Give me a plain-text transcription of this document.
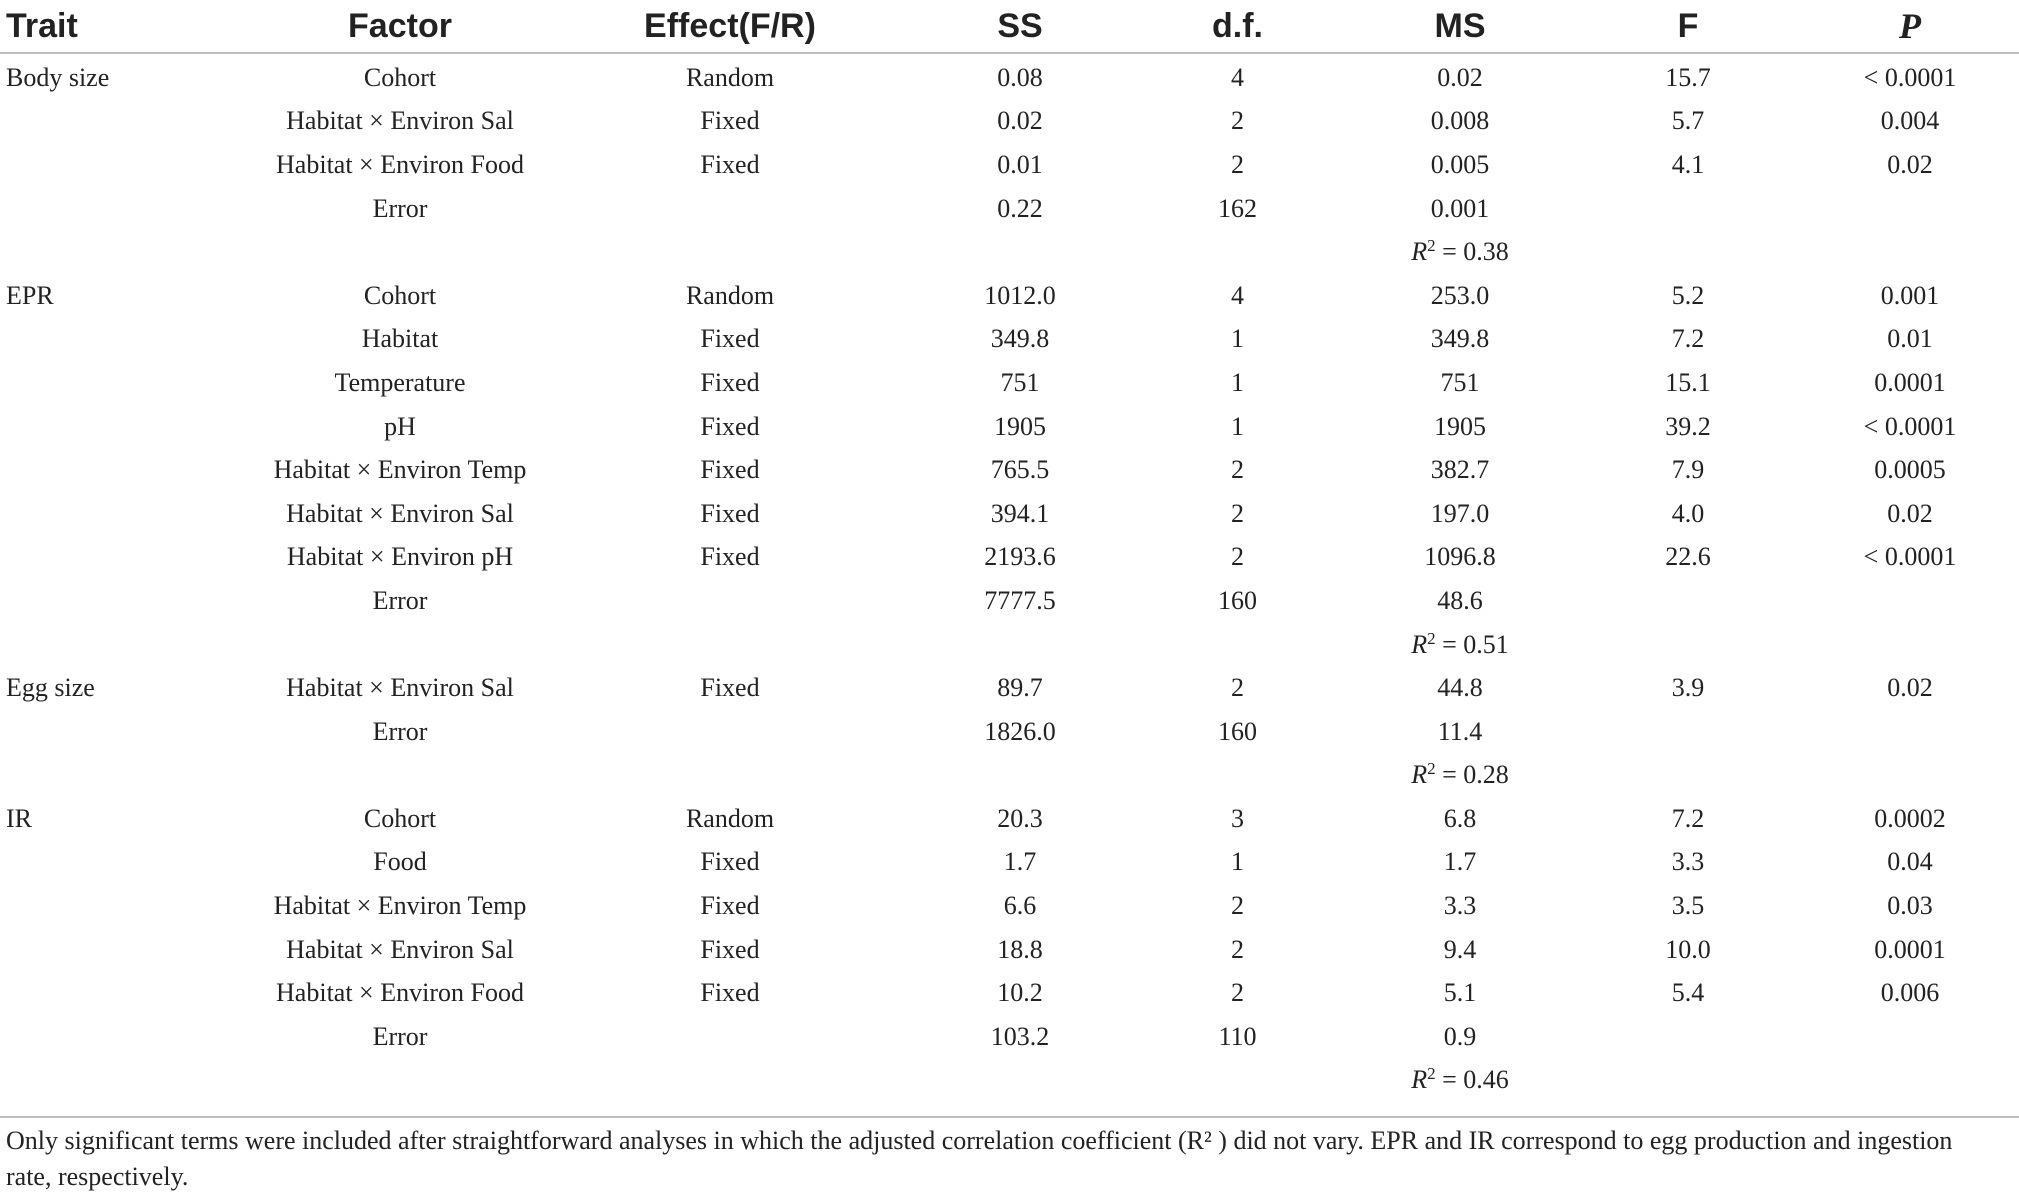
Trait	Factor	Effect(F/R)	SS	d.f.	MS	F	P
Body size	Cohort	Random	0.08	4	0.02	15.7	< 0.0001
	Habitat × Environ Sal	Fixed	0.02	2	0.008	5.7	0.004
	Habitat × Environ Food	Fixed	0.01	2	0.005	4.1	0.02
	Error		0.22	162	0.001		
					$R^2 = 0.38$		
EPR	Cohort	Random	1012.0	4	253.0	5.2	0.001
	Habitat	Fixed	349.8	1	349.8	7.2	0.01
	Temperature	Fixed	751	1	751	15.1	0.0001
	pH	Fixed	1905	1	1905	39.2	< 0.0001
	Habitat × Environ Temp	Fixed	765.5	2	382.7	7.9	0.0005
	Habitat × Environ Sal	Fixed	394.1	2	197.0	4.0	0.02
	Habitat × Environ pH	Fixed	2193.6	2	1096.8	22.6	< 0.0001
	Error		7777.5	160	48.6		
					$R^2 = 0.51$		
Egg size	Habitat × Environ Sal	Fixed	89.7	2	44.8	3.9	0.02
	Error		1826.0	160	11.4		
					$R^2 = 0.28$		
IR	Cohort	Random	20.3	3	6.8	7.2	0.0002
	Food	Fixed	1.7	1	1.7	3.3	0.04
	Habitat × Environ Temp	Fixed	6.6	2	3.3	3.5	0.03
	Habitat × Environ Sal	Fixed	18.8	2	9.4	10.0	0.0001
	Habitat × Environ Food	Fixed	10.2	2	5.1	5.4	0.006
	Error		103.2	110	0.9		
					$R^2 = 0.46$		
Only significant terms were included after straightforward analyses in which the adjusted correlation coefficient (R² ) did not vary. EPR and IR correspond to egg production and ingestion
rate, respectively.
